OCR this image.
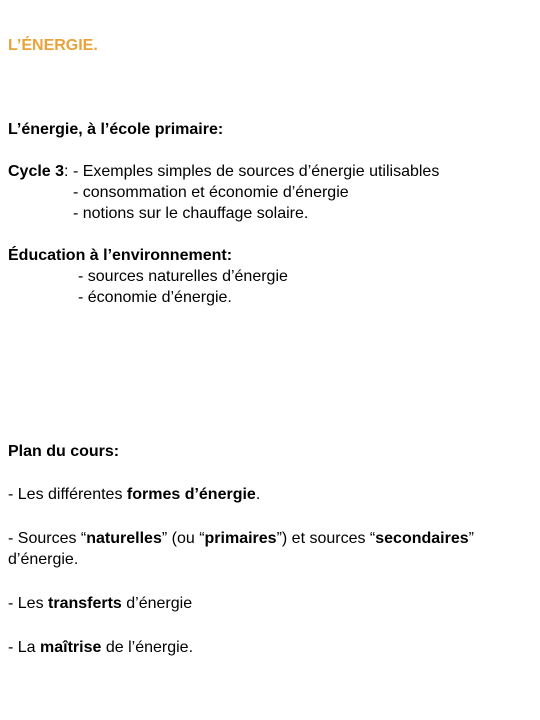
L’ÉNERGIE.
L’énergie, à l’école primaire:
Cycle 3: - Exemples simples de sources d’énergie utilisables
- consommation et économie d’énergie
- notions sur le chauffage solaire.
Éducation à l’environnement:
- sources naturelles d’énergie
- économie d’énergie.
Plan du cours:
- Les différentes formes d’énergie.
- Sources “naturelles” (ou “primaires”) et sources “secondaires” d’énergie.
- Les transferts d’énergie
- La maîtrise de l’énergie.
